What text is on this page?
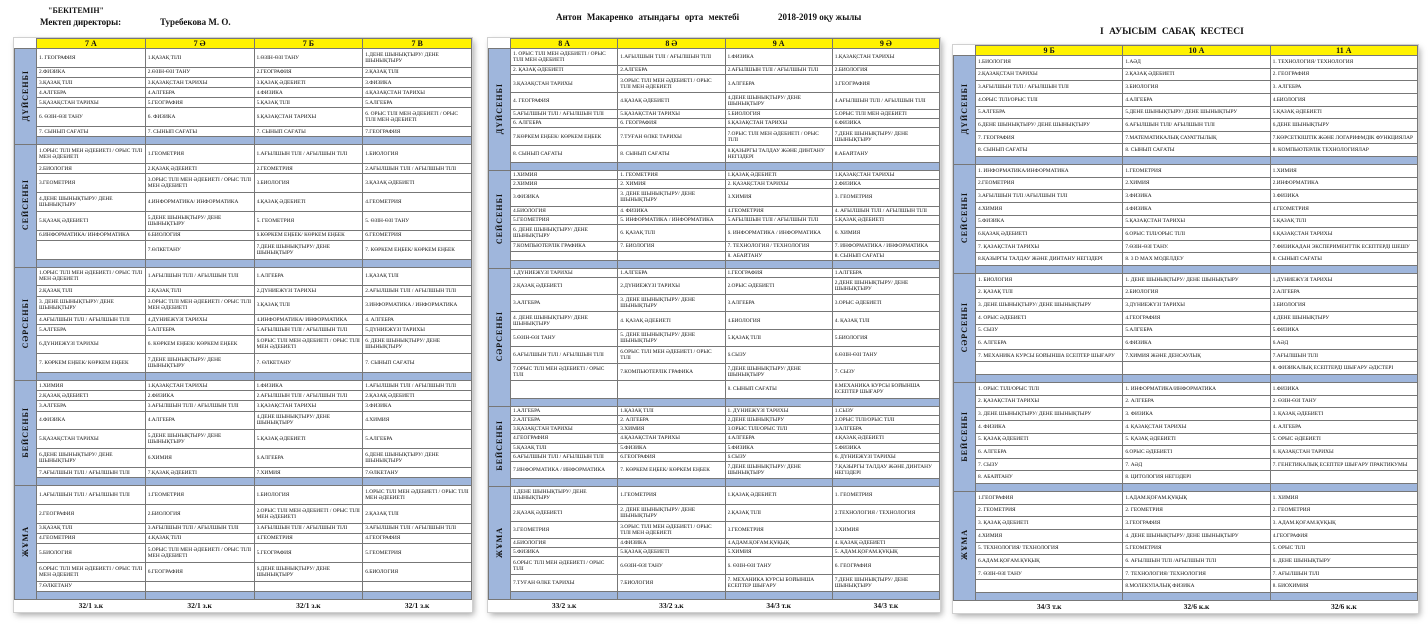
"БЕКІТЕМІН"
Мектеп директоры:	Туребекова М. О.	Антон Макаренко атындағы орта мектебі	2018-2019 оқу жылы
І АУЫСЫМ САБАҚ КЕСТЕСІ
	7 А	7 Ә	7 Б	7 В
ДҮЙСЕНБІ	1. ГЕОГРАФИЯ	1.ҚАЗАҚ ТІЛІ	1.ӨЗІН-ӨЗІ ТАНУ	1.ДЕНЕ ШЫНЫҚТЫРУ/ ДЕНЕ ШЫНЫҚТЫРУ

	2.ФИЗИКА	2.ӨЗІН-ӨЗІ ТАНУ	2.ГЕОГРАФИЯ	2.ҚАЗАҚ ТІЛІ

	3.ҚАЗАҚ ТІЛІ	3.ҚАЗАҚСТАН ТАРИХЫ	3.ҚАЗАҚ ӘДЕБИЕТІ	3.ФИЗИКА

	4.АЛГЕБРА	4.АЛГЕБРА	4.ФИЗИКА	4.ҚАЗАҚСТАН ТАРИХЫ

	5.ҚАЗАҚСТАН ТАРИХЫ	5.ГЕОГРАФИЯ	5.ҚАЗАҚ ТІЛІ	5.АЛГЕБРА

	6. ӨЗІН-ӨЗІ ТАНУ	6. ФИЗИКА	6.ҚАЗАҚСТАН ТАРИХЫ	6. ОРЫС ТІЛІ МЕН ӘДЕБИЕТІ / ОРЫС ТІЛІ МЕН ӘДЕБИЕТІ

	7. СЫНЫП САҒАТЫ	7. СЫНЫП САҒАТЫ	7. СЫНЫП САҒАТЫ	7.ГЕОГРАФИЯ

СЕЙСЕНБІ	1.ОРЫС ТІЛІ МЕН ӘДЕБИЕТІ / ОРЫС ТІЛІ МЕН ӘДЕБИЕТІ	1.ГЕОМЕТРИЯ	1.АҒЫЛШЫН ТІЛІ / АҒЫЛШЫН ТІЛІ	1.БИОЛОГИЯ

	2.БИОЛОГИЯ	2.ҚАЗАҚ ӘДЕБИЕТІ	2.ГЕОМЕТРИЯ	2.АҒЫЛШЫН ТІЛІ / АҒЫЛШЫН ТІЛІ

	3.ГЕОМЕТРИЯ	3.ОРЫС ТІЛІ МЕН ӘДЕБИЕТІ / ОРЫС ТІЛІ МЕН ӘДЕБИЕТІ	3.БИОЛОГИЯ	3.ҚАЗАҚ ӘДЕБИЕТІ

	4.ДЕНЕ ШЫНЫҚТЫРУ/ ДЕНЕ ШЫНЫҚТЫРУ	4.ИНФОРМАТИКА/ ИНФОРМАТИКА	4.ҚАЗАҚ ӘДЕБИЕТІ	4.ГЕОМЕТРИЯ

	5.ҚАЗАҚ ӘДЕБИЕТІ	5.ДЕНЕ ШЫНЫҚТЫРУ/ ДЕНЕ ШЫНЫҚТЫРУ	5. ГЕОМЕТРИЯ	5. ӨЗІН-ӨЗІ ТАНУ

	6.ИНФОРМАТИКА/ ИНФОРМАТИКА	6.БИОЛОГИЯ	6.КӨРКЕМ ЕҢБЕК/ КӨРКЕМ ЕҢБЕК	6.ГЕОМЕТРИЯ

		7.ӨЛКЕТАНУ	7.ДЕНЕ ШЫНЫҚТЫРУ/ ДЕНЕ ШЫНЫҚТЫРУ	7. КӨРКЕМ ЕҢБЕК/ КӨРКЕМ ЕҢБЕК

СӘРСЕНБІ	1.ОРЫС ТІЛІ МЕН ӘДЕБИЕТІ / ОРЫС ТІЛІ МЕН ӘДЕБИЕТІ	1.АҒЫЛШЫН ТІЛІ / АҒЫЛШЫН ТІЛІ	1.АЛГЕБРА	1.ҚАЗАҚ ТІЛІ

	2.ҚАЗАҚ ТІЛІ	2.ҚАЗАҚ ТІЛІ	2.ДҮНИЕЖҮЗІ ТАРИХЫ	2.АҒЫЛШЫН ТІЛІ / АҒЫЛШЫН ТІЛІ

	3. ДЕНЕ ШЫНЫҚТЫРУ/ ДЕНЕ ШЫНЫҚТЫРУ	3.ОРЫС ТІЛІ МЕН ӘДЕБИЕТІ / ОРЫС ТІЛІ МЕН ӘДЕБИЕТІ	3.ҚАЗАҚ ТІЛІ	3.ИНФОРМАТИКА / ИНФОРМАТИКА

	4.АҒЫЛШЫН ТІЛІ / АҒЫЛШЫН ТІЛІ	4.ДҮНИЕЖҮЗІ ТАРИХЫ	4.ИНФОРМАТИКА/ ИНФОРМАТИКА	4. АЛГЕБРА

	5.АЛГЕБРА	5.АЛГЕБРА	5.АҒЫЛШЫН ТІЛІ / АҒЫЛШЫН ТІЛІ	5.ДҮНИЕЖҮЗІ ТАРИХЫ

	6.ДҮНИЕЖҮЗІ ТАРИХЫ	6. КӨРКЕМ ЕҢБЕК/ КӨРКЕМ ЕҢБЕК	6.ОРЫС ТІЛІ МЕН ӘДЕБИЕТІ / ОРЫС ТІЛІ МЕН ӘДЕБИЕТІ	6. ДЕНЕ ШЫНЫҚТЫРУ/ ДЕНЕ ШЫНЫҚТЫРУ

	7. КӨРКЕМ ЕҢБЕК/ КӨРКЕМ ЕҢБЕК	7.ДЕНЕ ШЫНЫҚТЫРУ/ ДЕНЕ ШЫНЫҚТЫРУ	7. ӨЛКЕТАНУ	7. СЫНЫП САҒАТЫ

БЕЙСЕНБІ	1.ХИМИЯ	1.ҚАЗАҚСТАН ТАРИХЫ	1.ФИЗИКА	1.АҒЫЛШЫН ТІЛІ / АҒЫЛШЫН ТІЛІ

	2.ҚАЗАҚ ӘДЕБИЕТІ	2.ФИЗИКА	2.АҒЫЛШЫН ТІЛІ / АҒЫЛШЫН ТІЛІ	2.ҚАЗАҚ ӘДЕБИЕТІ

	3.АЛГЕБРА	3.АҒЫЛШЫН ТІЛІ / АҒЫЛШЫН ТІЛІ	3.ҚАЗАҚСТАН ТАРИХЫ	3.ФИЗИКА

	4.ФИЗИКА	4.АЛГЕБРА	4.ДЕНЕ ШЫНЫҚТЫРУ/ ДЕНЕ ШЫНЫҚТЫРУ	4.ХИМИЯ

	5.ҚАЗАҚСТАН ТАРИХЫ	5.ДЕНЕ ШЫНЫҚТЫРУ/ ДЕНЕ ШЫНЫҚТЫРУ	5.ҚАЗАҚ ӘДЕБИЕТІ	5.АЛГЕБРА

	6.ДЕНЕ ШЫНЫҚТЫРУ/ ДЕНЕ ШЫНЫҚТЫРУ	6.ХИМИЯ	6.АЛГЕБРА	6.ДЕНЕ ШЫНЫҚТЫРУ/ ДЕНЕ ШЫНЫҚТЫРУ

	7.АҒЫЛШЫН ТІЛІ / АҒЫЛШЫН ТІЛІ	7.ҚАЗАҚ ӘДЕБИЕТІ	7.ХИМИЯ	7.ӨЛКЕТАНУ

ЖҰМА	1.АҒЫЛШЫН ТІЛІ / АҒЫЛШЫН ТІЛІ	1.ГЕОМЕТРИЯ	1.БИОЛОГИЯ	1.ОРЫС ТІЛІ МЕН ӘДЕБИЕТІ / ОРЫС ТІЛІ МЕН ӘДЕБИЕТІ

	2.ГЕОГРАФИЯ	2.БИОЛОГИЯ	2.ОРЫС ТІЛІ МЕН ӘДЕБИЕТІ / ОРЫС ТІЛІ МЕН ӘДЕБИЕТІ	2.ҚАЗАҚ ТІЛІ

	3.ҚАЗАҚ ТІЛІ	3.АҒЫЛШЫН ТІЛІ / АҒЫЛШЫН ТІЛІ	3.АҒЫЛШЫН ТІЛІ / АҒЫЛШЫН ТІЛІ	3.АҒЫЛШЫН ТІЛІ / АҒЫЛШЫН ТІЛІ

	4.ГЕОМЕТРИЯ	4.ҚАЗАҚ ТІЛІ	4.ГЕОМЕТРИЯ	4.ГЕОГРАФИЯ

	5.БИОЛОГИЯ	5.ОРЫС ТІЛІ МЕН ӘДЕБИЕТІ / ОРЫС ТІЛІ МЕН ӘДЕБИЕТІ	5.ГЕОГРАФИЯ	5.ГЕОМЕТРИЯ

	6.ОРЫС ТІЛІ МЕН ӘДЕБИЕТІ / ОРЫС ТІЛІ МЕН ӘДЕБИЕТІ	6.ГЕОГРАФИЯ	6.ДЕНЕ ШЫНЫҚТЫРУ/ ДЕНЕ ШЫНЫҚТЫРУ	6.БИОЛОГИЯ

	7.ӨЛКЕТАНУ			

	32/1 з.к	32/1 з.к	32/1 з.к	32/1 з.к
	8 А	8 Ә	9 А	9 Ә
ДҮЙСЕНБІ	1. ОРЫС ТІЛІ МЕН ӘДЕБИЕТІ / ОРЫС ТІЛІ МЕН ӘДЕБИЕТІ	1.АҒЫЛШЫН ТІЛІ / АҒЫЛШЫН ТІЛІ	1.ФИЗИКА	1.ҚАЗАҚСТАН ТАРИХЫ

	2. ҚАЗАҚ ӘДЕБИЕТІ	2.АЛГЕБРА	2.АҒЫЛШЫН ТІЛІ / АҒЫЛШЫН ТІЛІ	2.БИОЛОГИЯ

	3.ҚАЗАҚСТАН ТАРИХЫ	3.ОРЫС ТІЛІ МЕН ӘДЕБИЕТІ / ОРЫС ТІЛІ МЕН ӘДЕБИЕТІ	3.АЛГЕБРА	3.ГЕОГРАФИЯ

	4. ГЕОГРАФИЯ	4.ҚАЗАҚ ӘДЕБИЕТІ	4.ДЕНЕ ШЫНЫҚТЫРУ/ ДЕНЕ ШЫНЫҚТЫРУ	4.АҒЫЛШЫН ТІЛІ / АҒЫЛШЫН ТІЛІ

	5.АҒЫЛШЫН ТІЛІ / АҒЫЛШЫН ТІЛІ	5.ҚАЗАҚСТАН ТАРИХЫ	5.БИОЛОГИЯ	5.ОРЫС ТІЛІ МЕН ӘДЕБИЕТІ

	6. АЛГЕБРА	6. ГЕОГРАФИЯ	6.ҚАЗАҚСТАН ТАРИХЫ	6.ФИЗИКА

	7.КӨРКЕМ ЕҢБЕК/ КӨРКЕМ ЕҢБЕК	7.ТУҒАН ӨЛКЕ ТАРИХЫ	7.ОРЫС ТІЛІ МЕН ӘДЕБИЕТІ / ОРЫС ТІЛІ	7.ДЕНЕ ШЫНЫҚТЫРУ/ ДЕНЕ ШЫНЫҚТЫРУ

	8. СЫНЫП САҒАТЫ	8. СЫНЫП САҒАТЫ	8.ҚАЗЫРГЫ ТАЛДАУ ЖӘНЕ ДИНТАНУ НЕГІЗДЕРІ	8.АБАЙТАНУ

СЕЙСЕНБІ	1.ХИМИЯ	1. ГЕОМЕТРИЯ	1.ҚАЗАҚ ӘДЕБИЕТІ	1.ҚАЗАҚСТАН ТАРИХЫ

	2.ХИМИЯ	2. ХИМИЯ	2. ҚАЗАҚСТАН ТАРИХЫ	2.ФИЗИКА

	3.ФИЗИКА	3. ДЕНЕ ШЫНЫҚТЫРУ/ ДЕНЕ ШЫНЫҚТЫРУ	3.ХИМИЯ	3. ГЕОМЕТРИЯ

	4.БИОЛОГИЯ	4. ФИЗИКА	4.ГЕОМЕТРИЯ	4. АҒЫЛШЫН ТІЛІ / АҒЫЛШЫН ТІЛІ

	5.ГЕОМЕТРИЯ	5. ИНФОРМАТИКА / ИНФОРМАТИКА	5.АҒЫЛШЫН ТІЛІ / АҒЫЛШЫН ТІЛІ	5.ҚАЗАҚ ӘДЕБИЕТІ

	6. ДЕНЕ ШЫНЫҚТЫРУ/ ДЕНЕ ШЫНЫҚТЫРУ	6. ҚАЗАҚ ТІЛІ	6. ИНФОРМАТИКА / ИНФОРМАТИКА	6. ХИМИЯ

	7.КОМПЬЮТЕРЛІК ГРАФИКА	7. БИОЛОГИЯ	7. ТЕХНОЛОГИЯ / ТЕХНОЛОГИЯ	7. ИНФОРМАТИКА / ИНФОРМАТИКА

			8. АБАЙТАНУ	8. СЫНЫП САҒАТЫ

СӘРСЕНБІ	1.ДҮНИЕЖҮЗІ ТАРИХЫ	1.АЛГЕБРА	1.ГЕОГРАФИЯ	1.АЛГЕБРА

	2.ҚАЗАҚ ӘДЕБИЕТІ	2.ДҮНИЕЖҮЗІ ТАРИХЫ	2.ОРЫС ӘДЕБИЕТІ	2.ДЕНЕ ШЫНЫҚТЫРУ/ ДЕНЕ ШЫНЫҚТЫРУ

	3.АЛГЕБРА	3. ДЕНЕ ШЫНЫҚТЫРУ/ ДЕНЕ ШЫНЫҚТЫРУ	3.АЛГЕБРА	3.ОРЫС ӘДЕБИЕТІ

	4. ДЕНЕ ШЫНЫҚТЫРУ/ ДЕНЕ ШЫНЫҚТЫРУ	4. ҚАЗАҚ ӘДЕБИЕТІ	4.БИОЛОГИЯ	4. ҚАЗАҚ ТІЛІ

	5.ӨЗІН-ӨЗІ ТАНУ	5. ДЕНЕ ШЫНЫҚТЫРУ/ ДЕНЕ ШЫНЫҚТЫРУ	5.ҚАЗАҚ ТІЛІ	5.БИОЛОГИЯ

	6.АҒЫЛШЫН ТІЛІ / АҒЫЛШЫН ТІЛІ	6.ОРЫС ТІЛІ МЕН ӘДЕБИЕТІ / ОРЫС ТІЛІ	6.СЫЗУ	6.ӨЗІН-ӨЗІ ТАНУ

	7.ОРЫС ТІЛІ МЕН ӘДЕБИЕТІ / ОРЫС ТІЛІ	7.КОМПЬЮТЕРЛІК ГРАФИКА	7.ДЕНЕ ШЫНЫҚТЫРУ/ ДЕНЕ ШЫНЫҚТЫРУ	7. СЫЗУ

			8. СЫНЫП САҒАТЫ	8.МЕХАНИКА КУРСЫ БОЙЫНША ЕСЕПТЕР ШЫҒАРУ

БЕЙСЕНБІ	1.АЛГЕБРА	1.ҚАЗАҚ ТІЛІ	1. ДҮНИЕЖҮЗІ ТАРИХЫ	1.СЫЗУ

	2.АЛГЕБРА	2. АЛГЕБРА	2.ДЕНЕ ШЫНЫҚТЫРУ	2.ОРЫС ТІЛІ/ОРЫС ТІЛІ

	3.ҚАЗАҚСТАН ТАРИХЫ	3.ХИМИЯ	3.ОРЫС ТІЛІ/ОРЫС ТІЛІ	3.АЛГЕБРА

	4.ГЕОГРАФИЯ	4.ҚАЗАҚСТАН ТАРИХЫ	4.АЛГЕБРА	4.ҚАЗАҚ ӘДЕБИЕТІ

	5.ҚАЗАҚ ТІЛІ	5.ФИЗИКА	5.ФИЗИКА	5.ФИЗИКА

	6.АҒЫЛШЫН ТІЛІ / АҒЫЛШЫН ТІЛІ	6.ГЕОГРАФИЯ	6.СЫЗУ	6. ДҮНИЕЖҮЗІ ТАРИХЫ

	7.ИНФОРМАТИКА / ИНФОРМАТИКА	7. КӨРКЕМ ЕҢБЕК/ КӨРКЕМ ЕҢБЕК	7.ДЕНЕ ШЫНЫҚТЫРУ/ ДЕНЕ ШЫНЫҚТЫРУ	7.ҚАЗЫРГЫ ТАЛДАУ ЖӘНЕ ДИНТАНУ НЕГІЗДЕРІ

ЖҰМА	1.ДЕНЕ ШЫНЫҚТЫРУ/ ДЕНЕ ШЫНЫҚТЫРУ	1.ГЕОМЕТРИЯ	1.ҚАЗАҚ ӘДЕБИЕТІ	1. ГЕОМЕТРИЯ

	2.ҚАЗАҚ ӘДЕБИЕТІ	2. ДЕНЕ ШЫНЫҚТЫРУ/ ДЕНЕ ШЫНЫҚТЫРУ	2.ҚАЗАҚ ТІЛІ	2.ТЕХНОЛОГИЯ / ТЕХНОЛОГИЯ

	3.ГЕОМЕТРИЯ	3.ОРЫС ТІЛІ МЕН ӘДЕБИЕТІ / ОРЫС ТІЛІ МЕН ӘДЕБИЕТІ	3.ГЕОМЕТРИЯ	3.ХИМИЯ

	4.БИОЛОГИЯ	4.ФИЗИКА	4.АДАМ.ҚОҒАМ.ҚҰҚЫҚ	4. ҚАЗАҚ ӘДЕБИЕТІ

	5.ФИЗИКА	5.ҚАЗАҚ ӘДЕБИЕТІ	5.ХИМИЯ	5. АДАМ.ҚОҒАМ.ҚҰҚЫҚ

	6.ОРЫС ТІЛІ МЕН ӘДЕБИЕТІ / ОРЫС ТІЛІ	6.ӨЗІН-ӨЗІ ТАНУ	6. ӨЗІН-ӨЗІ ТАНУ	6. ГЕОГРАФИЯ

	7.ТУҒАН ӨЛКЕ ТАРИХЫ	7.БИОЛОГИЯ	7. МЕХАНИКА КУРСЫ БОЙЫНША ЕСЕПТЕР ШЫҒАРУ	7.ДЕНЕ ШЫНЫҚТЫРУ/ ДЕНЕ ШЫНЫҚТЫРУ

	33/2 з.к	33/2 з.к	34/3 т.к	34/3 т.к
	9 Б	10 А	11 А
ДҮЙСЕНБІ	1.БИОЛОГИЯ	1.АӘД	1. ТЕХНОЛОГИЯ/ ТЕХНОЛОГИЯ

	2.ҚАЗАҚСТАН ТАРИХЫ	2.ҚАЗАҚ ӘДЕБИЕТІ	2. ГЕОГРАФИЯ

	3.АҒЫЛШЫН ТІЛІ / АҒЫЛШЫН ТІЛІ	3.БИОЛОГИЯ	3. АЛГЕБРА

	4.ОРЫС ТІЛІ/ОРЫС ТІЛІ	4.АЛГЕБРА	4.БИОЛОГИЯ

	5.АЛГЕБРА	5.ДЕНЕ ШЫНЫҚТЫРУ/ ДЕНЕ ШЫНЫҚТЫРУ	5.ҚАЗАҚ ӘДЕБИЕТІ

	6.ДЕНЕ ШЫНЫҚТЫРУ/ ДЕНЕ ШЫНЫҚТЫРУ	6.АҒЫЛШЫН ТІЛІ/ АҒЫЛШЫН ТІЛІ	6.ДЕНЕ ШЫНЫҚТЫРУ

	7. ГЕОГРАФИЯ	7.МАТЕМАТИКАЛЫҚ САУАТТЫЛЫҚ	7.КӨРСЕТКІШТІК ЖӘНЕ ЛОГАРИФМДІК ФУНКЦИЯЛАР

	8. СЫНЫП САҒАТЫ	8. СЫНЫП САҒАТЫ	8. КОМПЬЮТЕРЛІК ТЕХНОЛОГИЯЛАР

СЕЙСЕНБІ	1. ИНФОРМАТИКА/ИНФОРМАТИКА	1.ГЕОМЕТРИЯ	1.ХИМИЯ

	2.ГЕОМЕТРИЯ	2.ХИМИЯ	2.ИНФОРМАТИКА

	3.АҒЫЛШЫН ТІЛІ /АҒЫЛШЫН ТІЛІ	3.ФИЗИКА	3.ФИЗИКА

	4.ХИМИЯ	4.ФИЗИКА	4.ГЕОМЕТРИЯ

	5.ФИЗИКА	5.ҚАЗАҚСТАН ТАРИХЫ	5.ҚАЗАҚ ТІЛІ

	6.ҚАЗАҚ ӘДЕБИЕТІ	6.ОРЫС ТІЛІ/ОРЫС ТІЛІ	6.ҚАЗАҚСТАН ТАРИХЫ

	7. ҚАЗАҚСТАН ТАРИХЫ	7.ӨЗІН-ӨЗІ ТАНУ.	7.ФИЗИКАДАН ЭКСПЕРИМЕНТТІК ЕСЕПТЕРДІ ШЕШУ

	8.ҚАЗЫРГЫ ТАЛДАУ ЖӘНЕ ДИНТАНУ НЕГІЗДЕРІ	8. 3 D MAX МОДЕЛДЕУ	8. СЫНЫП САҒАТЫ

СӘРСЕНБІ	1. БИОЛОГИЯ	1. ДЕНЕ ШЫНЫҚТЫРУ/ ДЕНЕ ШЫНЫҚТЫРУ	1.ДҮНИЕЖҮЗІ ТАРИХЫ

	2. ҚАЗАҚ ТІЛІ	2.БИОЛОГИЯ	2.АЛГЕБРА

	3. ДЕНЕ ШЫНЫҚТЫРУ/ ДЕНЕ ШЫНЫҚТЫРУ	3.ДҮНИЕЖҮЗІ ТАРИХЫ	3.БИОЛОГИЯ

	4. ОРЫС ӘДЕБИЕТІ	4.ГЕОГРАФИЯ	4.ДЕНЕ ШЫНЫҚТЫРУ

	5. СЫЗУ	5.АЛГЕБРА	5.ФИЗИКА

	6. АЛГЕБРА	6.ФИЗИКА	6.АӘД

	7. МЕХАНИКА КУРСЫ БОЙЫНША ЕСЕПТЕР ШЫҒАРУ	7.ХИМИЯ ЖӘНЕ ДЕНСАУЛЫҚ	7.АҒЫЛШЫН ТІЛІ

			8. ФИЗИКАЛЫҚ ЕСЕПТЕРДІ ШЫҒАРУ ӘДІСТЕРІ

БЕЙСЕНБІ	1. ОРЫС ТІЛІ/ОРЫС ТІЛІ	1. ИНФОРМАТИКА/ИНФОРМАТИКА	1.ФИЗИКА

	2. ҚАЗАҚСТАН ТАРИХЫ	2. АЛГЕБРА	2. ӨЗІН-ӨЗІ ТАНУ

	3. ДЕНЕ ШЫНЫҚТЫРУ/ ДЕНЕ ШЫНЫҚТЫРУ	3. ФИЗИКА	3. ҚАЗАҚ ӘДЕБИЕТІ

	4. ФИЗИКА	4. ҚАЗАҚСТАН ТАРИХЫ	4. АЛГЕБРА

	5. ҚАЗАҚ ӘДЕБИЕТІ	5. ҚАЗАҚ ӘДЕБИЕТІ	5. ОРЫС ӘДЕБИЕТІ

	6. АЛГЕБРА	6.ОРЫС ӘДЕБИЕТІ	6. ҚАЗАҚСТАН ТАРИХЫ

	7. СЫЗУ	7. АӘД	7. ГЕНЕТИКАЛЫҚ ЕСЕПТЕР ШЫҒАРУ ПРАКТИКУМЫ

	8. АБАЙТАНУ	8. ЦИТОЛОГИЯ НЕГІЗДЕРІ	

ЖҰМА	1.ГЕОГРАФИЯ	1.АДАМ.ҚОҒАМ.ҚҰҚЫҚ	1. ХИМИЯ

	2. ГЕОМЕТРИЯ	2. ГЕОМЕТРИЯ	2. ГЕОМЕТРИЯ

	3. ҚАЗАҚ ӘДЕБИЕТІ	3.ГЕОГРАФИЯ	3. АДАМ.ҚОҒАМ.ҚҰҚЫҚ

	4.ХИМИЯ	4. ДЕНЕ ШЫНЫҚТЫРУ/ ДЕНЕ ШЫНЫҚТЫРУ	4.ГЕОГРАФИЯ

	5. ТЕХНОЛОГИЯ/ ТЕХНОЛОГИЯ	5.ГЕОМЕТРИЯ	5. ОРЫС ТІЛІ

	6.АДАМ.ҚОҒАМ.ҚҰҚЫҚ	6. АҒЫЛШЫН ТІЛІ /АҒЫЛШЫН ТІЛІ	6. ДЕНЕ ШЫНЫҚТЫРУ

	7. ӨЗІН-ӨЗІ ТАНУ	7. ТЕХНОЛОГИЯ/ ТЕХНОЛОГИЯ	7. АҒЫЛШЫН ТІЛІ

		8.МОЛЕКУЛАЛЫҚ ФИЗИКА	8. БИОХИМИЯ

	34/3 т.к	32/6 к.к	32/6 к.к
